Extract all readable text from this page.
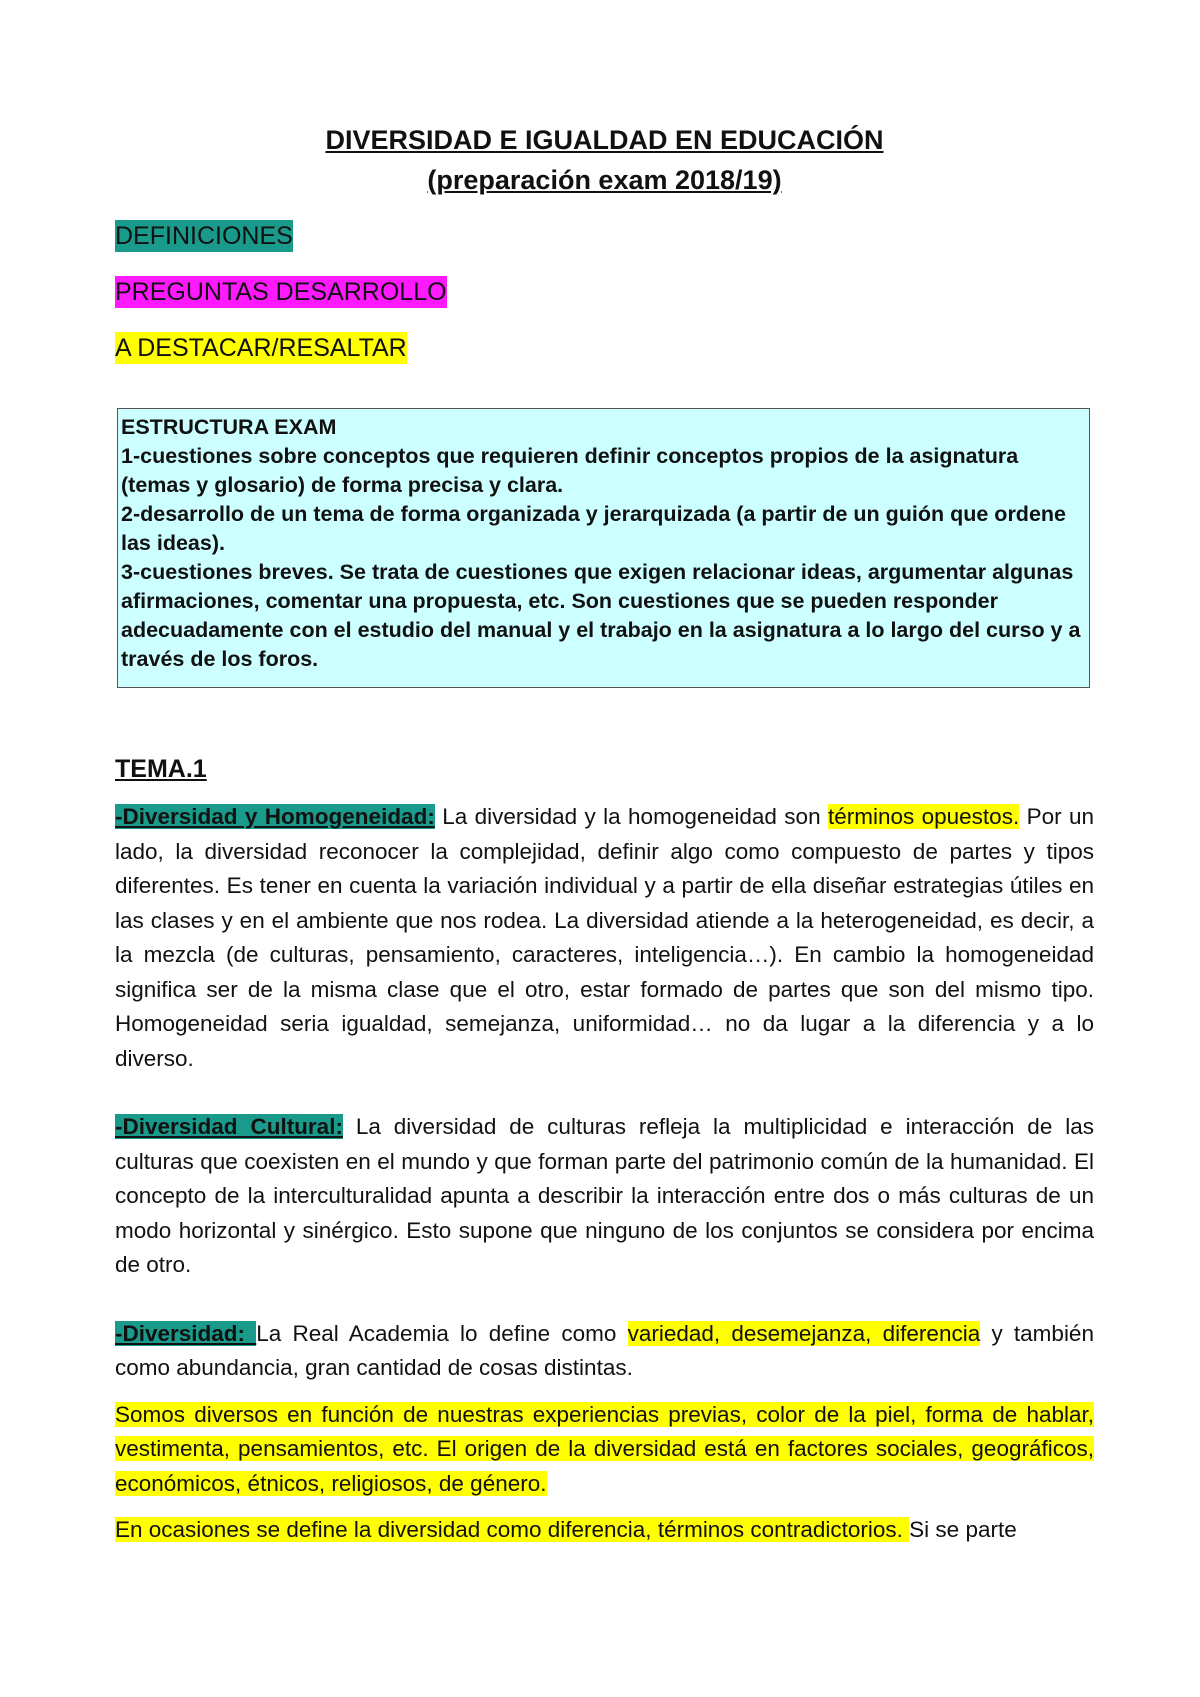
DIVERSIDAD E IGUALDAD EN EDUCACIÓN
(preparación exam 2018/19)

DEFINICIONES

PREGUNTAS DESARROLLO

A DESTACAR/RESALTAR

ESTRUCTURA EXAM

1-cuestiones sobre conceptos que requieren definir conceptos propios de la asignatura (temas y glosario) de forma precisa y clara.

2-desarrollo de un tema de forma organizada y jerarquizada (a partir de un guión que ordene las ideas).

3-cuestiones breves. Se trata de cuestiones que exigen relacionar ideas, argumentar algunas afirmaciones, comentar una propuesta, etc. Son cuestiones que se pueden responder adecuadamente con el estudio del manual y el trabajo en la asignatura a lo largo del curso y a través de los foros.

TEMA.1

-Diversidad y Homogeneidad: La diversidad y la homogeneidad son términos opuestos. Por un lado, la diversidad reconocer la complejidad, definir algo como compuesto de partes y tipos diferentes. Es tener en cuenta la variación individual y a partir de ella diseñar estrategias útiles en las clases y en el ambiente que nos rodea. La diversidad atiende a la heterogeneidad, es decir, a la mezcla (de culturas, pensamiento, caracteres, inteligencia…). En cambio la homogeneidad significa ser de la misma clase que el otro, estar formado de partes que son del mismo tipo. Homogeneidad seria igualdad, semejanza, uniformidad… no da lugar a la diferencia y a lo diverso.

-Diversidad Cultural: La diversidad de culturas refleja la multiplicidad e interacción de las culturas que coexisten en el mundo y que forman parte del patrimonio común de la humanidad. El concepto de la interculturalidad apunta a describir la interacción entre dos o más culturas de un modo horizontal y sinérgico. Esto supone que ninguno de los conjuntos se considera por encima de otro.

-Diversidad: La Real Academia lo define como variedad, desemejanza, diferencia y también como abundancia, gran cantidad de cosas distintas.

Somos diversos en función de nuestras experiencias previas, color de la piel, forma de hablar, vestimenta, pensamientos, etc. El origen de la diversidad está en factores sociales, geográficos, económicos, étnicos, religiosos, de género.

En ocasiones se define la diversidad como diferencia, términos contradictorios. Si se parte
